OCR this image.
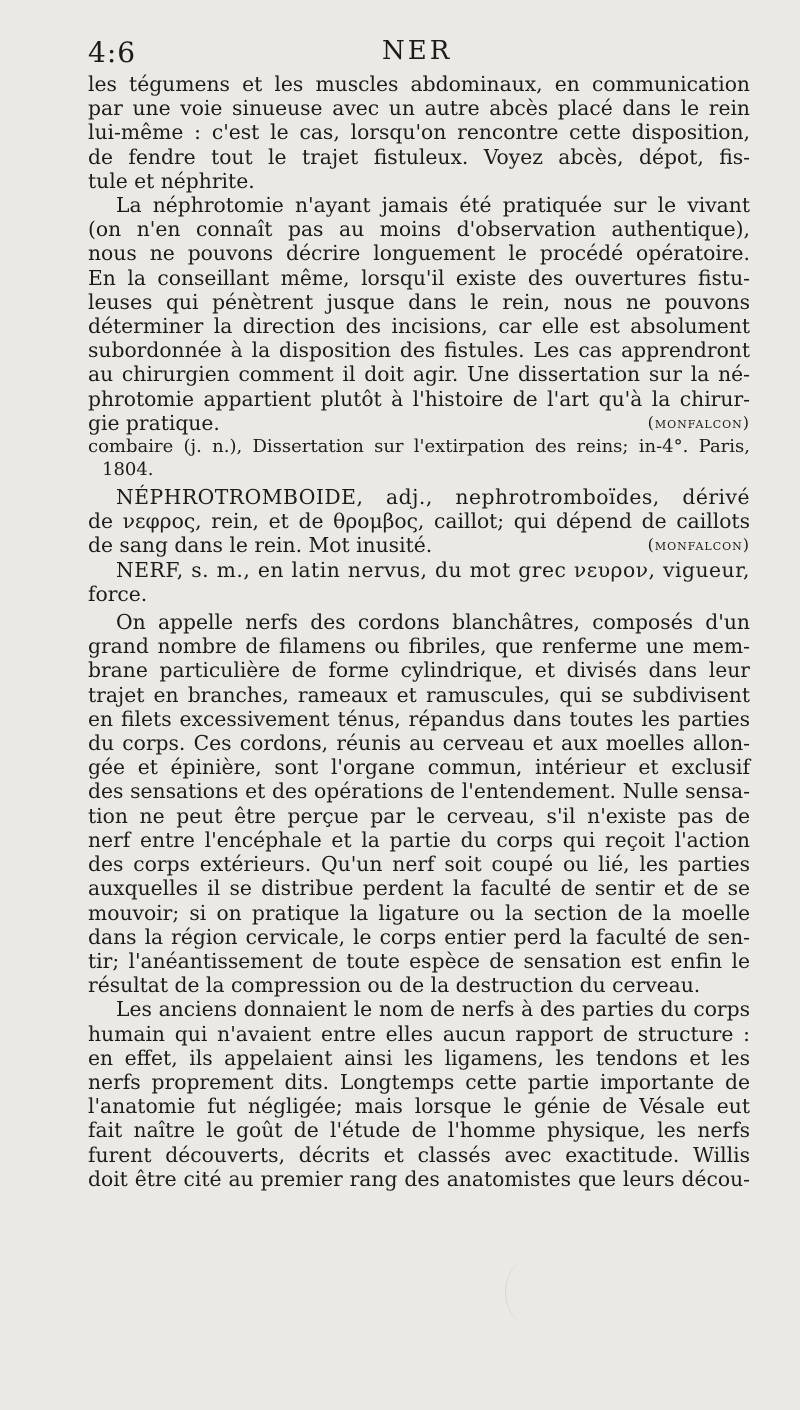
4:6	NER

les tégumens et les muscles abdominaux, en communication
par une voie sinueuse avec un autre abcès placé dans le rein
lui-même : c'est le cas, lorsqu'on rencontre cette disposition,
de fendre tout le trajet fistuleux. Voyez abcès, dépot, fis-
tule et néphrite.

La néphrotomie n'ayant jamais été pratiquée sur le vivant
(on n'en connaît pas au moins d'observation authentique),
nous ne pouvons décrire longuement le procédé opératoire.
En la conseillant même, lorsqu'il existe des ouvertures fistu-
leuses qui pénètrent jusque dans le rein, nous ne pouvons
déterminer la direction des incisions, car elle est absolument
subordonnée à la disposition des fistules. Les cas apprendront
au chirurgien comment il doit agir. Une dissertation sur la né-
phrotomie appartient plutôt à l'histoire de l'art qu'à la chirur-
gie pratique.	(monfalcon)

combaire (j. n.), Dissertation sur l'extirpation des reins; in-4°. Paris,
1804.

NÉPHROTROMBOIDE, adj., nephrotromboïdes, dérivé
de νεφρος, rein, et de θρομβος, caillot; qui dépend de caillots
de sang dans le rein. Mot inusité.	(monfalcon)

NERF, s. m., en latin nervus, du mot grec νευρον, vigueur,
force.

On appelle nerfs des cordons blanchâtres, composés d'un
grand nombre de filamens ou fibriles, que renferme une mem-
brane particulière de forme cylindrique, et divisés dans leur
trajet en branches, rameaux et ramuscules, qui se subdivisent
en filets excessivement ténus, répandus dans toutes les parties
du corps. Ces cordons, réunis au cerveau et aux moelles allon-
gée et épinière, sont l'organe commun, intérieur et exclusif
des sensations et des opérations de l'entendement. Nulle sensa-
tion ne peut être perçue par le cerveau, s'il n'existe pas de
nerf entre l'encéphale et la partie du corps qui reçoit l'action
des corps extérieurs. Qu'un nerf soit coupé ou lié, les parties
auxquelles il se distribue perdent la faculté de sentir et de se
mouvoir; si on pratique la ligature ou la section de la moelle
dans la région cervicale, le corps entier perd la faculté de sen-
tir; l'anéantissement de toute espèce de sensation est enfin le
résultat de la compression ou de la destruction du cerveau.

Les anciens donnaient le nom de nerfs à des parties du corps
humain qui n'avaient entre elles aucun rapport de structure :
en effet, ils appelaient ainsi les ligamens, les tendons et les
nerfs proprement dits. Longtemps cette partie importante de
l'anatomie fut négligée; mais lorsque le génie de Vésale eut
fait naître le goût de l'étude de l'homme physique, les nerfs
furent découverts, décrits et classés avec exactitude. Willis
doit être cité au premier rang des anatomistes que leurs décou-
